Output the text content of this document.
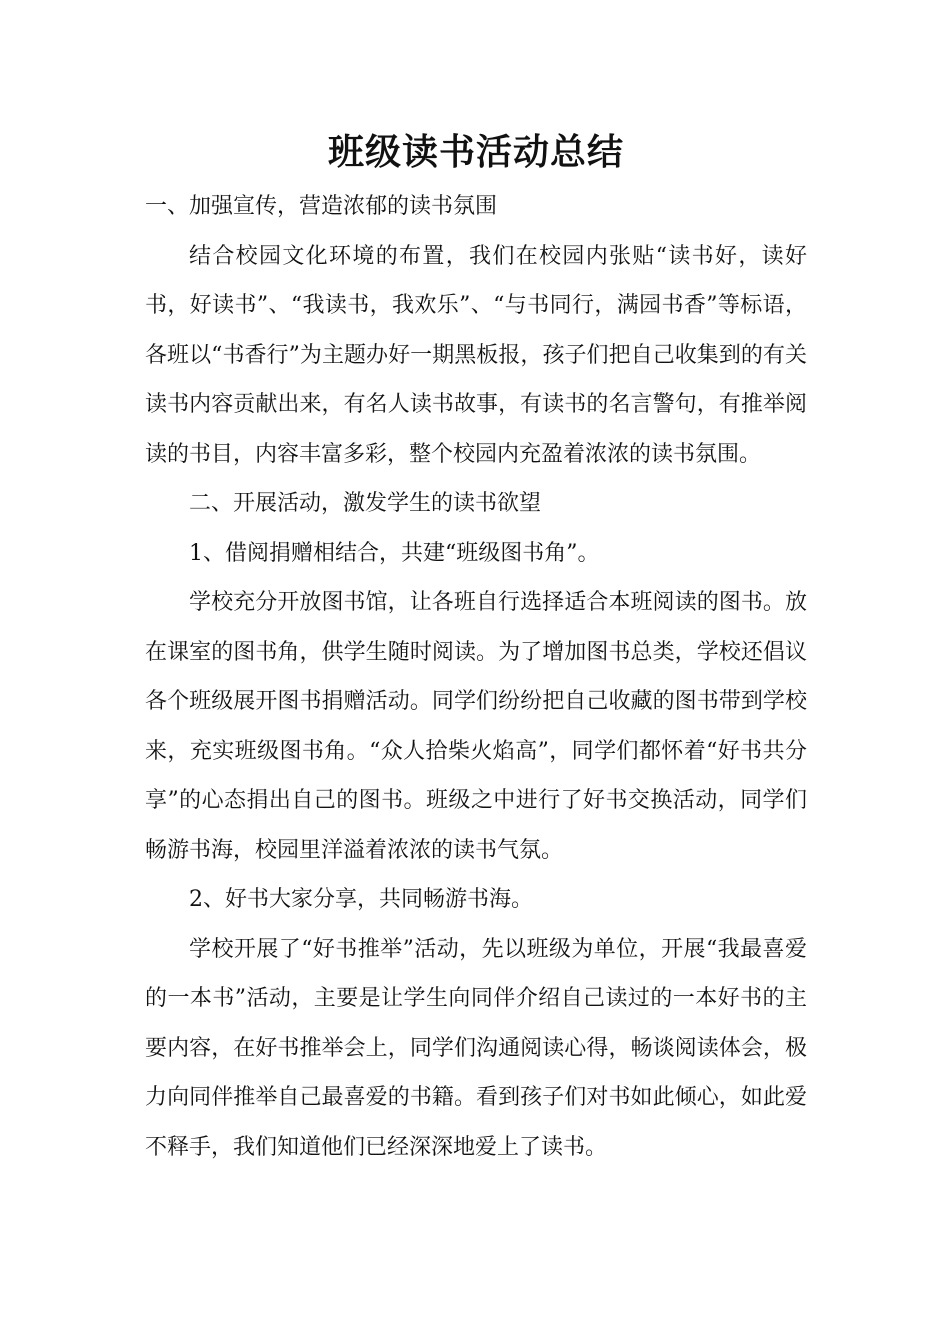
班级读书活动总结

一、加强宣传，营造浓郁的读书氛围

结合校园文化环境的布置，我们在校园内张贴“读书好，读好书，好读书”、“我读书，我欢乐”、“与书同行，满园书香”等标语，各班以“书香行”为主题办好一期黑板报，孩子们把自己收集到的有关读书内容贡献出来，有名人读书故事，有读书的名言警句，有推举阅读的书目，内容丰富多彩，整个校园内充盈着浓浓的读书氛围。

二、开展活动，激发学生的读书欲望

1、借阅捐赠相结合，共建“班级图书角”。

学校充分开放图书馆，让各班自行选择适合本班阅读的图书。放在课室的图书角，供学生随时阅读。为了增加图书总类，学校还倡议各个班级展开图书捐赠活动。同学们纷纷把自己收藏的图书带到学校来，充实班级图书角。“众人拾柴火焰高”，同学们都怀着“好书共分享”的心态捐出自己的图书。班级之中进行了好书交换活动，同学们畅游书海，校园里洋溢着浓浓的读书气氛。

2、好书大家分享，共同畅游书海。

学校开展了“好书推举”活动，先以班级为单位，开展“我最喜爱的一本书”活动，主要是让学生向同伴介绍自己读过的一本好书的主要内容，在好书推举会上，同学们沟通阅读心得，畅谈阅读体会，极力向同伴推举自己最喜爱的书籍。看到孩子们对书如此倾心，如此爱不释手，我们知道他们已经深深地爱上了读书。
